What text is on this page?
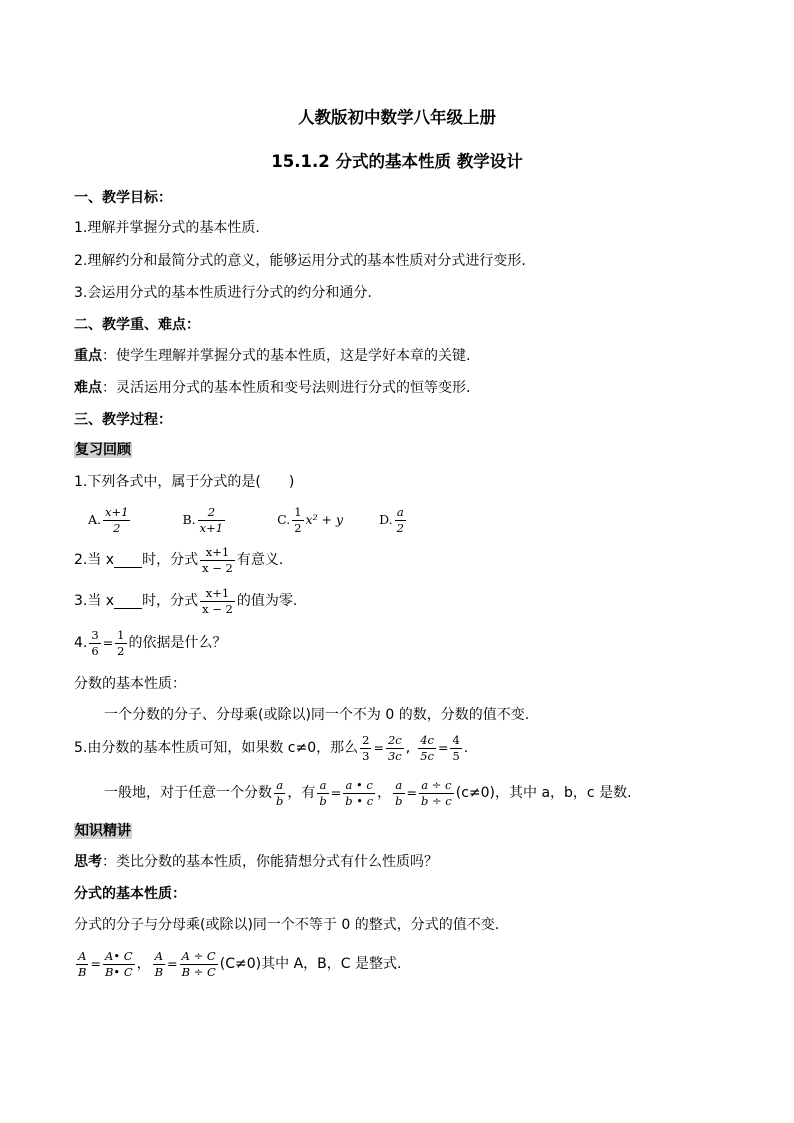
人教版初中数学八年级上册
15.1.2 分式的基本性质 教学设计
一、教学目标：
1.理解并掌握分式的基本性质.
2.理解约分和最简分式的意义，能够运用分式的基本性质对分式进行变形.
3.会运用分式的基本性质进行分式的约分和通分.
二、教学重、难点：
重点：使学生理解并掌握分式的基本性质，这是学好本章的关键.
难点：灵活运用分式的基本性质和变号法则进行分式的恒等变形.
三、教学过程：
复习回顾
1.下列各式中，属于分式的是(　　)
A. $\frac{x+1}{2}$	B. $\frac{2}{x+1}$	C. $\frac{1}{2} x^2 + y$	D. $\frac{a}{2}$
2.当 x 时，分式 $\frac{x+1}{x - 2}$ 有意义.
3.当 x 时，分式 $\frac{x+1}{x - 2}$ 的值为零.
4. $\frac{3}{6} = \frac{1}{2}$ 的依据是什么？
分数的基本性质：
一个分数的分子、分母乘(或除以)同一个不为 0 的数，分数的值不变.
5.由分数的基本性质可知，如果数 c≠0，那么 $\frac{2}{3} = \frac{2c}{3c}$ , $\frac{4c}{5c} = \frac{4}{5}$ .
一般地，对于任意一个分数 $\frac{a}{b}$ ，有 $\frac{a}{b} = \frac{a • c}{b • c}$ ， $\frac{a}{b} = \frac{a \div c}{b \div c} (c\ne 0)$，其中 a，b，c 是数.
知识精讲
思考：类比分数的基本性质，你能猜想分式有什么性质吗？
分式的基本性质：
分式的分子与分母乘(或除以)同一个不等于 0 的整式，分式的值不变.
$\frac{A}{B} = \frac{A• C}{B• C}$ ， $\frac{A}{B} = \frac{A \div C}{B \div C} (C\ne 0)$其中 A，B，C 是整式.
